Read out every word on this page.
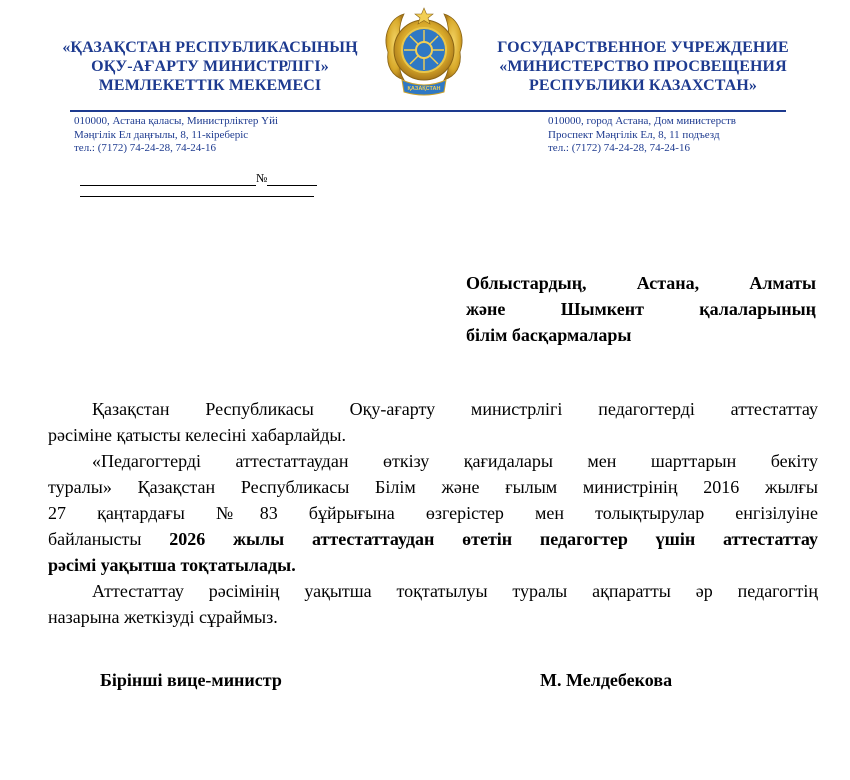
«ҚАЗАҚСТАН РЕСПУБЛИКАСЫНЫҢ
ОҚУ-АҒАРТУ МИНИСТРЛІГІ»
МЕМЛЕКЕТТІК МЕКЕМЕСІ	ҚАЗАҚСТАН
ГОСУДАРСТВЕННОЕ УЧРЕЖДЕНИЕ
«МИНИСТЕРСТВО ПРОСВЕЩЕНИЯ
РЕСПУБЛИКИ КАЗАХСТАН»
010000, Астана қаласы, Министрліктер Үйі
Мәңгілік Ел даңғылы, 8, 11-кіреберіс
тел.: (7172) 74-24-28, 74-24-16
010000, город Астана, Дом министерств
Проспект Мәңгілік Ел, 8, 11 подъезд
тел.: (7172) 74-24-28, 74-24-16
№
Облыстардың, Астана, Алматы
және Шымкент қалаларының
білім басқармалары
Қазақстан Республикасы Оқу-ағарту министрлігі педагогтерді аттестаттау
рәсіміне қатысты келесіні хабарлайды.
«Педагогтерді аттестаттаудан өткізу қағидалары мен шарттарын бекіту
туралы» Қазақстан Республикасы Білім және ғылым министрінің 2016 жылғы
27 қаңтардағы №83 бұйрығына өзгерістер мен толықтырулар енгізілуіне
байланысты 2026 жылы аттестаттаудан өтетін педагогтер үшін аттестаттау
рәсімі уақытша тоқтатылады.
Аттестаттау рәсімінің уақытша тоқтатылуы туралы ақпаратты әр педагогтің
назарына жеткізуді сұраймыз.
Бірінші вице-министр	М. Мелдебекова
